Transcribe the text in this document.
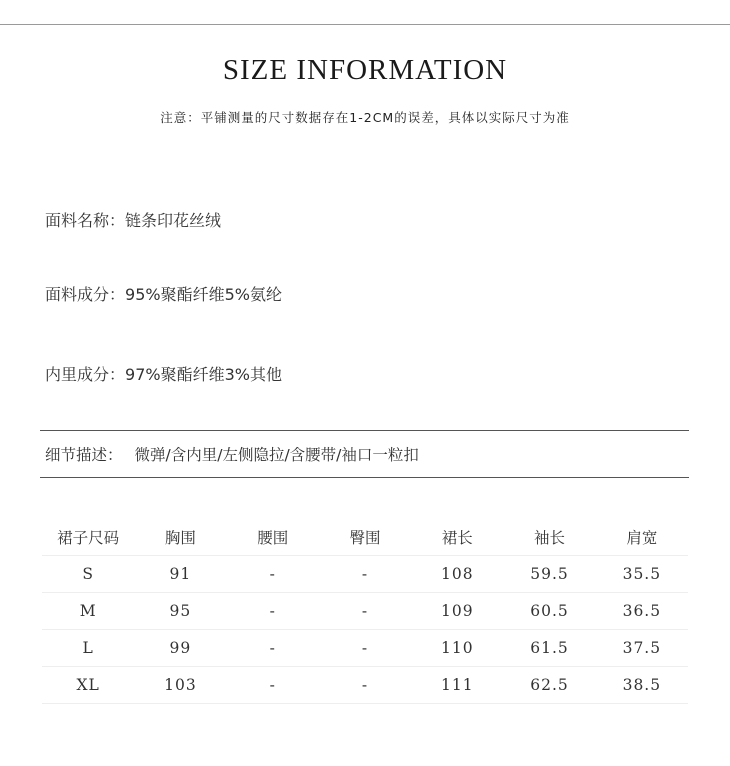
SIZE INFORMATION
注意：平铺测量的尺寸数据存在1-2CM的误差，具体以实际尺寸为准
面料名称：链条印花丝绒
面料成分：95%聚酯纤维5%氨纶
内里成分：97%聚酯纤维3%其他
细节描述： 微弹/含内里/左侧隐拉/含腰带/袖口一粒扣
裙子尺码	胸围	腰围	臀围	裙长	袖长	肩宽
S	91	-	-	108	59.5	35.5
M	95	-	-	109	60.5	36.5
L	99	-	-	110	61.5	37.5
XL	103	-	-	111	62.5	38.5
